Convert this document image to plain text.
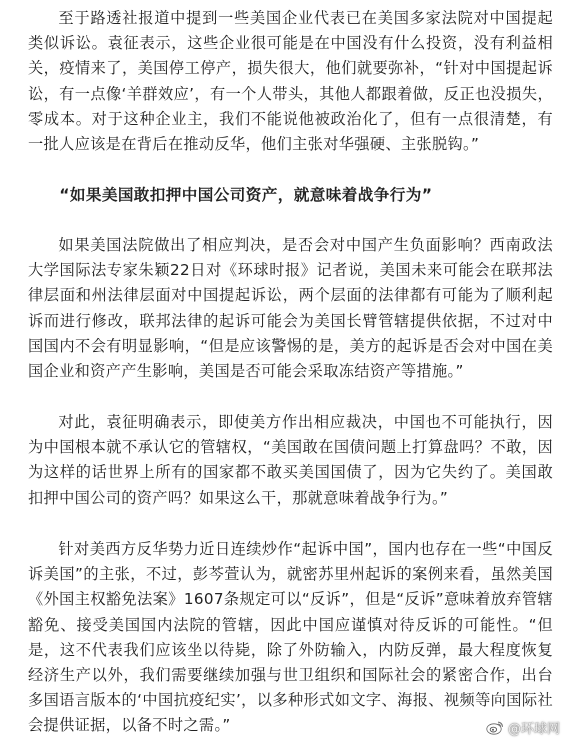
至于路透社报道中提到一些美国企业代表已在美国多家法院对中国提起类似诉讼。袁征表示，这些企业很可能是在中国没有什么投资，没有利益相关，疫情来了，美国停工停产，损失很大，他们就要弥补，“针对中国提起诉讼，有一点像‘羊群效应’，有一个人带头，其他人都跟着做，反正也没损失，零成本。对于这种企业主，我们不能说他被政治化了，但有一点很清楚，有一批人应该是在背后在推动反华，他们主张对华强硬、主张脱钩。”

“如果美国敢扣押中国公司资产，就意味着战争行为”

如果美国法院做出了相应判决，是否会对中国产生负面影响？西南政法大学国际法专家朱颖22日对《环球时报》记者说，美国未来可能会在联邦法律层面和州法律层面对中国提起诉讼，两个层面的法律都有可能为了顺利起诉而进行修改，联邦法律的起诉可能会为美国长臂管辖提供依据，不过对中国国内不会有明显影响，“但是应该警惕的是，美方的起诉是否会对中国在美国企业和资产产生影响，美国是否可能会采取冻结资产等措施。”

对此，袁征明确表示，即使美方作出相应裁决，中国也不可能执行，因为中国根本就不承认它的管辖权，“美国敢在国债问题上打算盘吗？不敢，因为这样的话世界上所有的国家都不敢买美国国债了，因为它失约了。美国敢扣押中国公司的资产吗？如果这么干，那就意味着战争行为。”

针对美西方反华势力近日连续炒作“起诉中国”，国内也存在一些“中国反诉美国”的主张，不过，彭芩萱认为，就密苏里州起诉的案例来看，虽然美国《外国主权豁免法案》1607条规定可以“反诉”，但是“反诉”意味着放弃管辖豁免、接受美国国内法院的管辖，因此中国应谨慎对待反诉的可能性。“但是，这不代表我们应该坐以待毙，除了外防输入，内防反弹，最大程度恢复经济生产以外，我们需要继续加强与世卫组织和国际社会的紧密合作，出台多国语言版本的‘中国抗疫纪实’，以多种形式如文字、海报、视频等向国际社会提供证据，以备不时之需。”	@环球网
